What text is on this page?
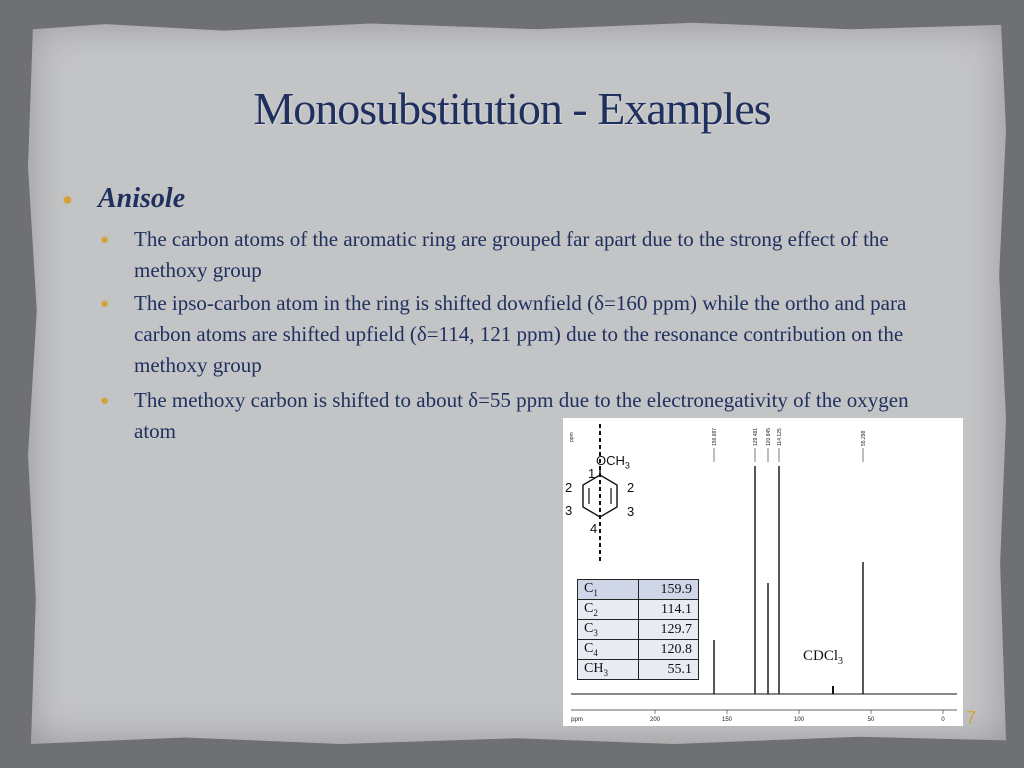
Monosubstitution - Examples
● Anisole
● The carbon atoms of the aromatic ring are grouped far apart due to the strong effect of the methoxy group
● The ipso-carbon atom in the ring is shifted downfield (δ=160 ppm) while the ortho and para carbon atoms are shifted upfield (δ=114, 121 ppm) due to the resonance contribution on the methoxy group
● The methoxy carbon is shifted to about δ=55 ppm due to the electronegativity of the oxygen atom	159.887	129.481 120.845 114.125	55.298
ppm
ppm	200	150	100	50	0
$OCH_3$
1
2	2
3	3
4
$C_1$	159.9
$C_2$	114.1
$C_3$	129.7
$C_4$	120.8
$CH_3$	55.1
CDCl$_3$
7
